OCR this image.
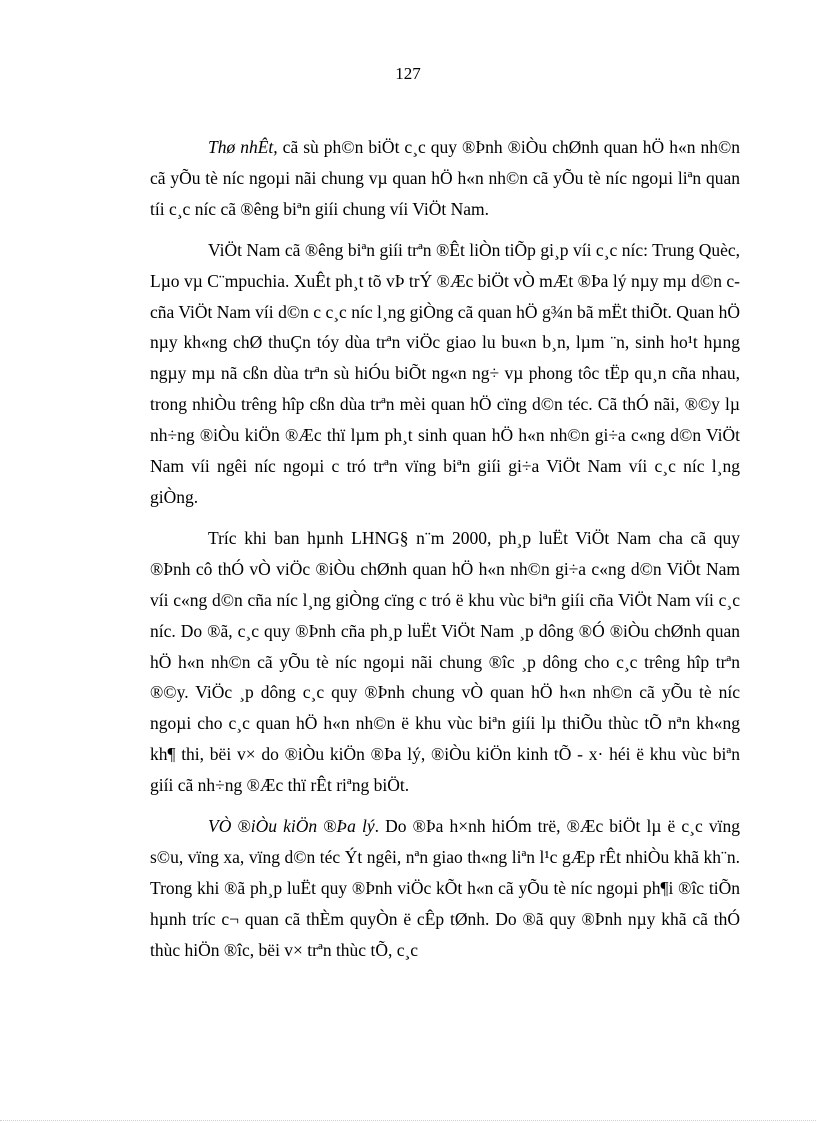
127

Thø nhÊt, cã sù ph©n biÖt c¸c quy ®Þnh ®iÒu chØnh quan hÖ h«n nh©n cã yÕu tè níc ngoµi nãi chung vµ quan hÖ h«n nh©n cã yÕu tè níc ngoµi liªn quan tíi c¸c níc cã ®êng biªn giíi chung víi ViÖt Nam.

ViÖt Nam cã ®êng biªn giíi trªn ®Êt liÒn tiÕp gi¸p víi c¸c níc: Trung Quèc, Lµo vµ C¨mpuchia. XuÊt ph¸t tõ vÞ trÝ ®Æc biÖt vÒ mÆt ®Þa lý nµy mµ d©n c cña ViÖt Nam víi d©n c c¸c níc l¸ng giÒng cã quan hÖ g¾n bã mËt thiÕt. Quan hÖ nµy kh«ng chØ thuÇn tóy dùa trªn viÖc giao lu bu«n b¸n, lµm ¨n, sinh ho¹t hµng ngµy mµ nã cßn dùa trªn sù hiÓu biÕt ng«n ng÷ vµ phong tôc tËp qu¸n cña nhau, trong nhiÒu trêng hîp cßn dùa trªn mèi quan hÖ cïng d©n téc. Cã thÓ nãi, ®©y lµ nh÷ng ®iÒu kiÖn ®Æc thï lµm ph¸t sinh quan hÖ h«n nh©n gi÷a c«ng d©n ViÖt Nam víi ngêi níc ngoµi c tró trªn vïng biªn giíi gi÷a ViÖt Nam víi c¸c níc l¸ng giÒng.

Tríc khi ban hµnh LHNG§ n¨m 2000, ph¸p luËt ViÖt Nam cha cã quy ®Þnh cô thÓ vÒ viÖc ®iÒu chØnh quan hÖ h«n nh©n gi÷a c«ng d©n ViÖt Nam víi c«ng d©n cña níc l¸ng giÒng cïng c tró ë khu vùc biªn giíi cña ViÖt Nam víi c¸c níc. Do ®ã, c¸c quy ®Þnh cña ph¸p luËt ViÖt Nam ¸p dông ®Ó ®iÒu chØnh quan hÖ h«n nh©n cã yÕu tè níc ngoµi nãi chung ®îc ¸p dông cho c¸c trêng hîp trªn ®©y. ViÖc ¸p dông c¸c quy ®Þnh chung vÒ quan hÖ h«n nh©n cã yÕu tè níc ngoµi cho c¸c quan hÖ h«n nh©n ë khu vùc biªn giíi lµ thiÕu thùc tÕ nªn kh«ng kh¶ thi, bëi v× do ®iÒu kiÖn ®Þa lý, ®iÒu kiÖn kinh tÕ - x· héi ë khu vùc biªn giíi cã nh÷ng ®Æc thï rÊt riªng biÖt.

VÒ ®iÒu kiÖn ®Þa lý. Do ®Þa h×nh hiÓm trë, ®Æc biÖt lµ ë c¸c vïng s©u, vïng xa, vïng d©n téc Ýt ngêi, nªn giao th«ng liªn l¹c gÆp rÊt nhiÒu khã kh¨n. Trong khi ®ã ph¸p luËt quy ®Þnh viÖc kÕt h«n cã yÕu tè níc ngoµi ph¶i ®îc tiÕn hµnh tríc c¬ quan cã thÈm quyÒn ë cÊp tØnh. Do ®ã quy ®Þnh nµy khã cã thÓ thùc hiÖn ®îc, bëi v× trªn thùc tÕ, c¸c
